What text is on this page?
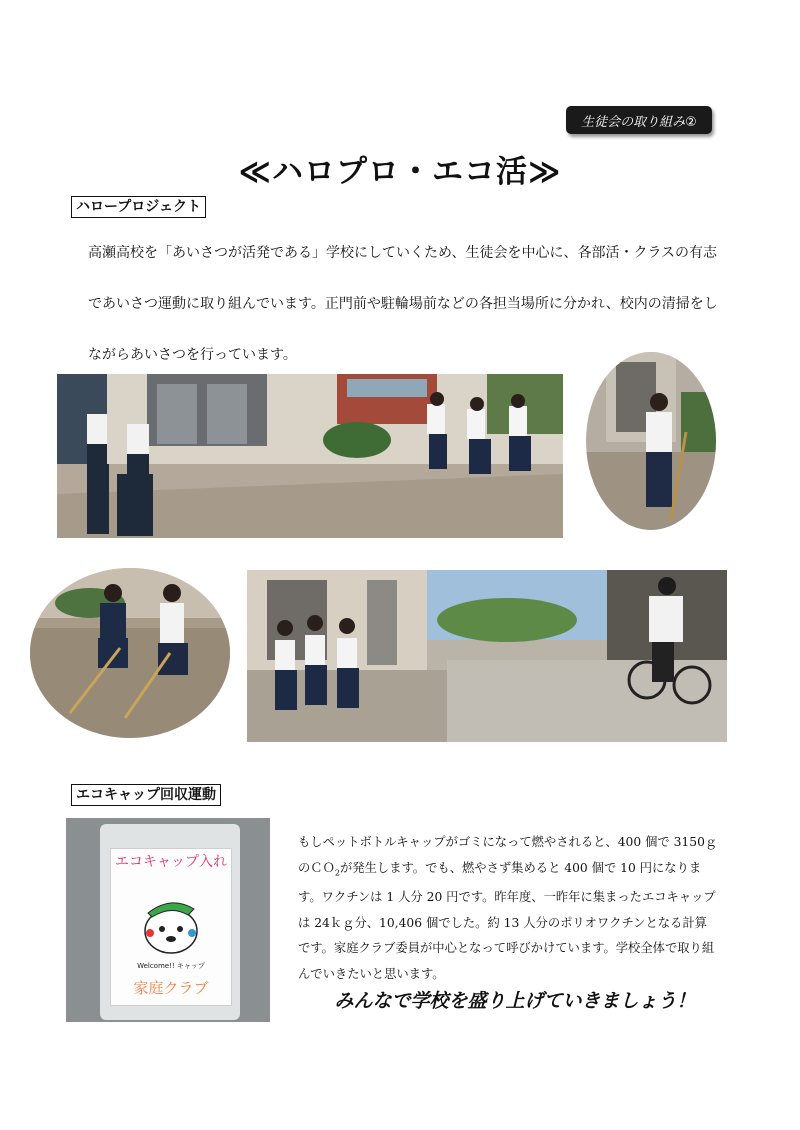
生徒会の取り組み②
≪ハロプロ・エコ活≫
ハロープロジェクト

高瀬高校を「あいさつが活発である」学校にしていくため、生徒会を中心に、各部活・クラスの有志であいさつ運動に取り組んでいます。正門前や駐輪場前などの各担当場所に分かれ、校内の清掃をしながらあいさつを行っています。

エコキャップ回収運動
エコキャップ入れ
Welcome!! キャップ
家庭クラブ

もしペットボトルキャップがゴミになって燃やされると、400 個で 3150ｇのＣＯ$_2$が発生します。でも、燃やさず集めると 400 個で 10 円になります。ワクチンは 1 人分 20 円です。昨年度、一昨年に集まったエコキャップは 24ｋｇ分、10,406 個でした。約 13 人分のポリオワクチンとなる計算です。家庭クラブ委員が中心となって呼びかけています。学校全体で取り組んでいきたいと思います。

みんなで学校を盛り上げていきましょう！
